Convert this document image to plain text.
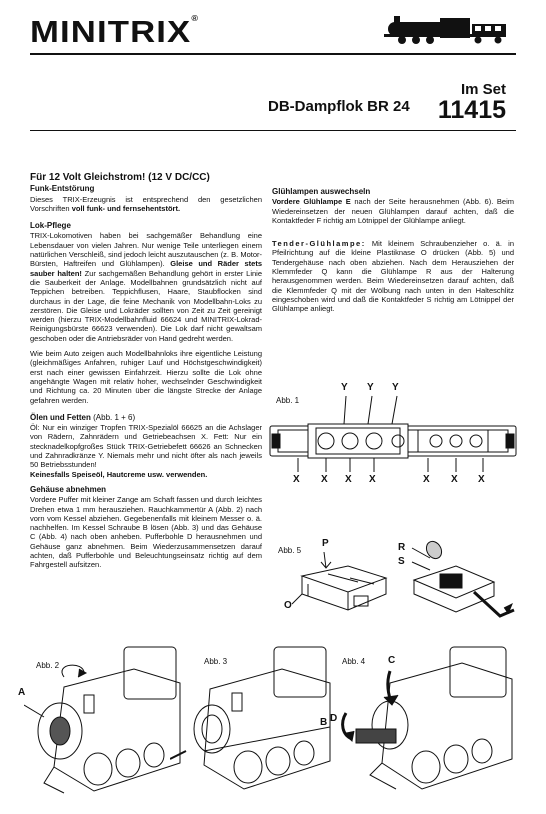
MINITRIX®
Im Set
DB-Dampflok BR 24 11415
Für 12 Volt Gleichstrom! (12 V DC/CC)
Funk-Entstörung

Dieses TRIX-Erzeugnis ist entsprechend den gesetzlichen Vorschriften voll funk- und fernsehentstört.

Lok-Pflege

TRIX-Lokomotiven haben bei sachgemäßer Behandlung eine Lebensdauer von vielen Jahren. Nur wenige Teile unterliegen einem natürlichen Verschleiß, sind jedoch leicht auszutauschen (z. B. Motor-Bürsten, Haftreifen und Glühlampen). Gleise und Räder stets sauber halten! Zur sachgemäßen Behandlung gehört in erster Linie die Sauberkeit der Anlage. Modellbahnen grundsätzlich nicht auf Teppichen betreiben. Teppichflusen, Haare, Staubflocken sind durchaus in der Lage, die feine Mechanik von Modellbahn-Loks zu zerstören. Die Gleise und Lokräder sollten von Zeit zu Zeit gereinigt werden (hierzu TRIX-Modellbahnfluid 66624 und MINITRIX-Lokrad-Reinigungsbürste 66623 verwenden). Die Lok darf nicht gewaltsam geschoben oder die Antriebsräder von Hand gedreht werden.

Wie beim Auto zeigen auch Modellbahnloks ihre eigentliche Leistung (gleichmäßiges Anfahren, ruhiger Lauf und Höchstgeschwindigkeit) erst nach einer gewissen Einfahrzeit. Hierzu sollte die Lok ohne angehängte Wagen mit relativ hoher, wechselnder Geschwindigkeit und Richtung ca. 20 Minuten über die längste Strecke der Anlage gefahren werden.

Ölen und Fetten (Abb. 1 + 6)

Öl: Nur ein winziger Tropfen TRIX-Spezialöl 66625 an die Achslager von Rädern, Zahnrädern und Getriebeachsen X. Fett: Nur ein stecknadelkopfgroßes Stück TRIX-Getriebefett 66626 an Schnecken und Zahnradkränze Y. Niemals mehr und nicht öfter als nach jeweils 50 Betriebsstunden!
Keinesfalls Speiseöl, Hautcreme usw. verwenden.

Gehäuse abnehmen

Vordere Puffer mit kleiner Zange am Schaft fassen und durch leichtes Drehen etwa 1 mm herausziehen. Rauchkammertür A (Abb. 2) nach vorn vom Kessel abziehen. Gegebenenfalls mit kleinem Messer o. ä. nachhelfen. Im Kessel Schraube B lösen (Abb. 3) und das Gehäuse C (Abb. 4) nach oben anheben. Pufferbohle D herausnehmen und Gehäuse ganz abnehmen. Beim Wiederzusammensetzen darauf achten, daß Pufferbohle und Beleuchtungseinsatz richtig auf dem Fahrgestell aufsitzen.

Glühlampen auswechseln

Vordere Glühlampe E nach der Seite herausnehmen (Abb. 6). Beim Wiedereinsetzen der neuen Glühlampen darauf achten, daß die Kontaktfeder F richtig am Lötnippel der Glühlampe anliegt.

Tender-Glühlampe: Mit kleinem Schraubenzieher o. ä. in Pfeilrichtung auf die kleine Plastiknase O drücken (Abb. 5) und Tendergehäuse nach oben abziehen. Nach dem Herausziehen der Klemmfeder Q kann die Glühlampe R aus der Halterung herausgenommen werden. Beim Wiedereinsetzen darauf achten, daß die Klemmfeder Q mit der Wölbung nach unten in den Halteschlitz eingeschoben wird und daß die Kontaktfeder S richtig am Lötnippel der Glühlampe anliegt.

Abb. 1
Y Y Y
X X X X	X X X
Abb. 5
P
O
R
S
Abb. 2
A
Abb. 3
B
Abb. 4 C
D
